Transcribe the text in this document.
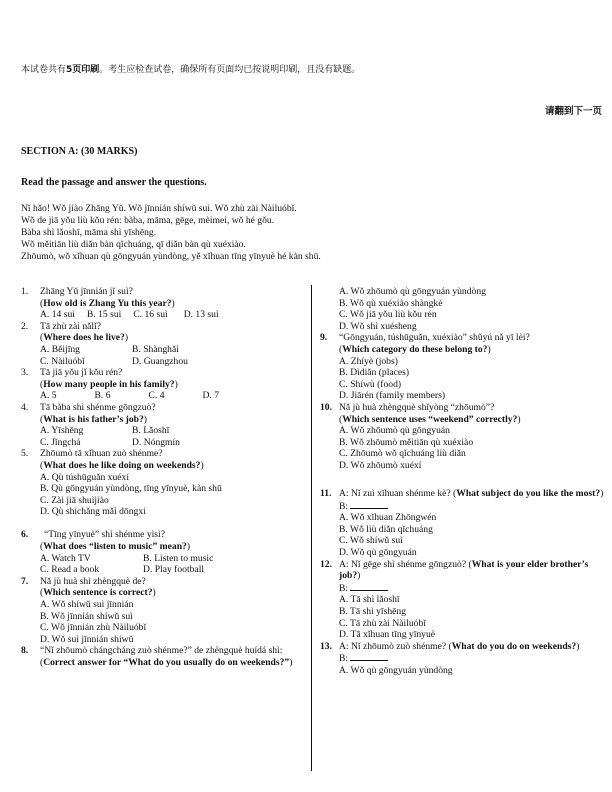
本试卷共有5页印刷。考生应检查试卷，确保所有页面均已按说明印刷，且没有缺题。
请翻到下一页
SECTION A: (30 MARKS)
Read the passage and answer the questions.
Nǐ hǎo! Wǒ jiào Zhāng Yǔ. Wǒ jīnnián shíwǔ suì. Wǒ zhù zài Nàiluóbǐ.
Wǒ de jiā yǒu liù kǒu rén: bàba, māma, gēge, mèimei, wǒ hé gǒu.
Bàba shì lǎoshī, māma shì yīshēng.
Wǒ měitiān liù diǎn bàn qǐchuáng, qī diǎn bàn qù xuéxiào.
Zhōumò, wǒ xǐhuan qù gōngyuán yùndòng, yě xǐhuan tīng yīnyuè hé kàn shū.
1.	Zhāng Yǔ jīnnián jǐ suì?
(How old is Zhang Yu this year?)
A. 14 suì B. 15 suì C. 16 suì D. 13 suì
2.	Tā zhù zài nǎlǐ?
(Where does he live?)
A. Běijīng	B. Shànghǎi
C. Nàiluóbǐ	D. Guangzhou
3.	Tā jiā yǒu jǐ kǒu rén?
(How many people in his family?)
A. 5	B. 6	C. 4	D. 7
4.	Tā bàba shì shénme gōngzuò?
(What is his father’s job?)
A. Yīshēng	B. Lǎoshī
C. Jǐngchá	D. Nóngmín
5.	Zhōumò tā xǐhuan zuò shénme?
(What does he like doing on weekends?)
A. Qù túshūguǎn xuéxí
B. Qù gōngyuán yùndòng, tīng yīnyuè, kàn shū
C. Zài jiā shuìjiào
D. Qù shìchǎng mǎi dōngxi
6.	“Tīng yīnyuè” shì shénme yìsi?
(What does “listen to music” mean?)
A. Watch TV	B. Listen to music
C. Read a book	D. Play football
7.	Nǎ jù huà shì zhèngquè de?
(Which sentence is correct?)
A. Wǒ shíwǔ suì jīnnián
B. Wǒ jīnnián shíwǔ suì
C. Wǒ jīnnián zhù Nàiluóbǐ
D. Wǒ suì jīnnián shíwǔ
8.	“Nǐ zhōumò chángcháng zuò shénme?” de zhèngquè huídá shì:
(Correct answer for “What do you usually do on weekends?”)
A. Wǒ zhōumò qù gōngyuán yùndòng
B. Wǒ qù xuéxiào shàngkè
C. Wǒ jiā yǒu liù kǒu rén
D. Wǒ shì xuésheng
9.	“Gōngyuán, túshūguǎn, xuéxiào” shǔyú nǎ yī lèi?
(Which category do these belong to?)
A. Zhíyè (jobs)
B. Dìdiǎn (places)
C. Shíwù (food)
D. Jiārén (family members)
10. Nǎ jù huà zhèngquè shǐyòng “zhōumò”?
(Which sentence uses “weekend” correctly?)
A. Wǒ zhōumò qù gōngyuán
B. Wǒ zhōumò měitiān qù xuéxiào
C. Zhōumò wǒ qǐchuáng liù diǎn
D. Wǒ zhōumò xuéxí
11. A: Nǐ zuì xǐhuan shénme kè? (What subject do you like the most?)
B:
A. Wǒ xǐhuan Zhōngwén
B. Wǒ liù diǎn qǐchuáng
C. Wǒ shíwǔ suì
D. Wǒ qù gōngyuán
12. A: Nǐ gēge shì shénme gōngzuò? (What is your elder brother’s job?)
B:
A. Tā shì lǎoshī
B. Tā shì yīshēng
C. Tā zhù zài Nàiluóbǐ
D. Tā xǐhuan tīng yīnyuè
13. A: Nǐ zhōumò zuò shénme? (What do you do on weekends?)
B:
A. Wǒ qù gōngyuán yùndòng
